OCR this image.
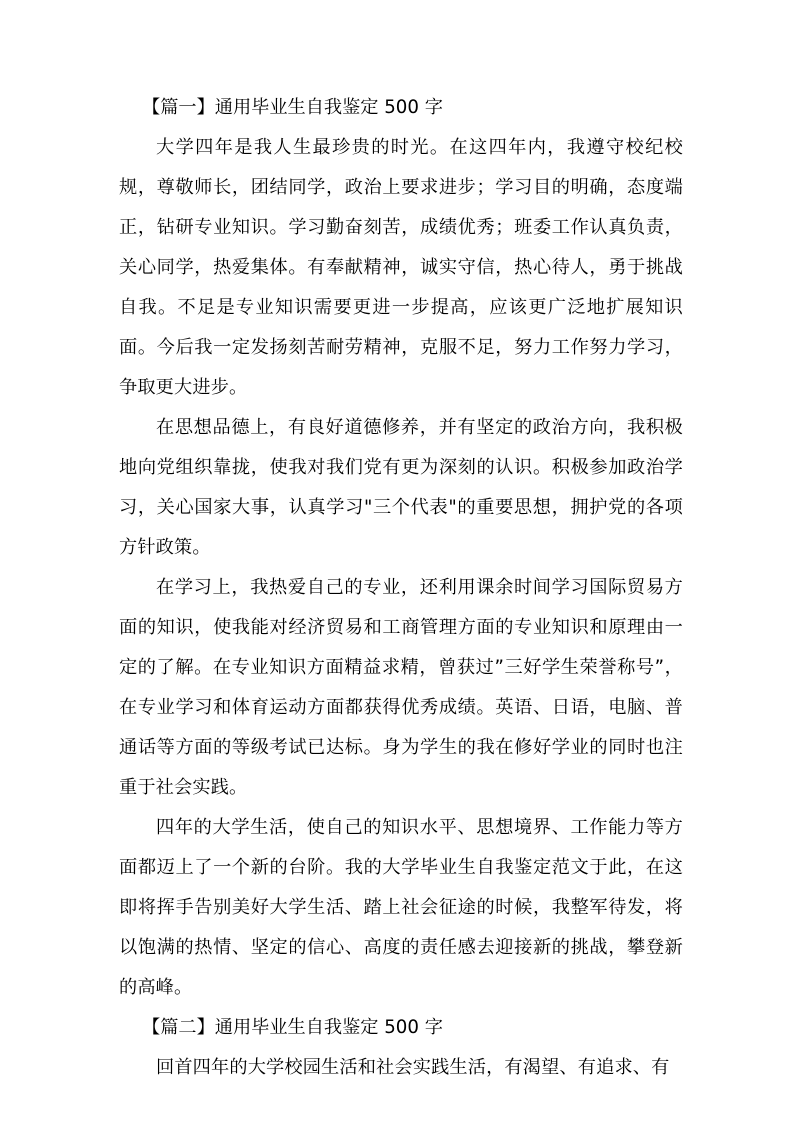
【篇一】通用毕业生自我鉴定 500 字

大学四年是我人生最珍贵的时光。在这四年内，我遵守校纪校规，尊敬师长，团结同学，政治上要求进步；学习目的明确，态度端正，钻研专业知识。学习勤奋刻苦，成绩优秀；班委工作认真负责，关心同学，热爱集体。有奉献精神，诚实守信，热心待人，勇于挑战自我。不足是专业知识需要更进一步提高，应该更广泛地扩展知识面。今后我一定发扬刻苦耐劳精神，克服不足，努力工作努力学习，争取更大进步。

在思想品德上，有良好道德修养，并有坚定的政治方向，我积极地向党组织靠拢，使我对我们党有更为深刻的认识。积极参加政治学习，关心国家大事，认真学习"三个代表"的重要思想，拥护党的各项方针政策。

在学习上，我热爱自己的专业，还利用课余时间学习国际贸易方面的知识，使我能对经济贸易和工商管理方面的专业知识和原理由一定的了解。在专业知识方面精益求精，曾获过”三好学生荣誉称号”，在专业学习和体育运动方面都获得优秀成绩。英语、日语，电脑、普通话等方面的等级考试已达标。身为学生的我在修好学业的同时也注重于社会实践。

四年的大学生活，使自己的知识水平、思想境界、工作能力等方面都迈上了一个新的台阶。我的大学毕业生自我鉴定范文于此，在这即将挥手告别美好大学生活、踏上社会征途的时候，我整军待发，将以饱满的热情、坚定的信心、高度的责任感去迎接新的挑战，攀登新的高峰。

【篇二】通用毕业生自我鉴定 500 字

回首四年的大学校园生活和社会实践生活，有渴望、有追求、有
